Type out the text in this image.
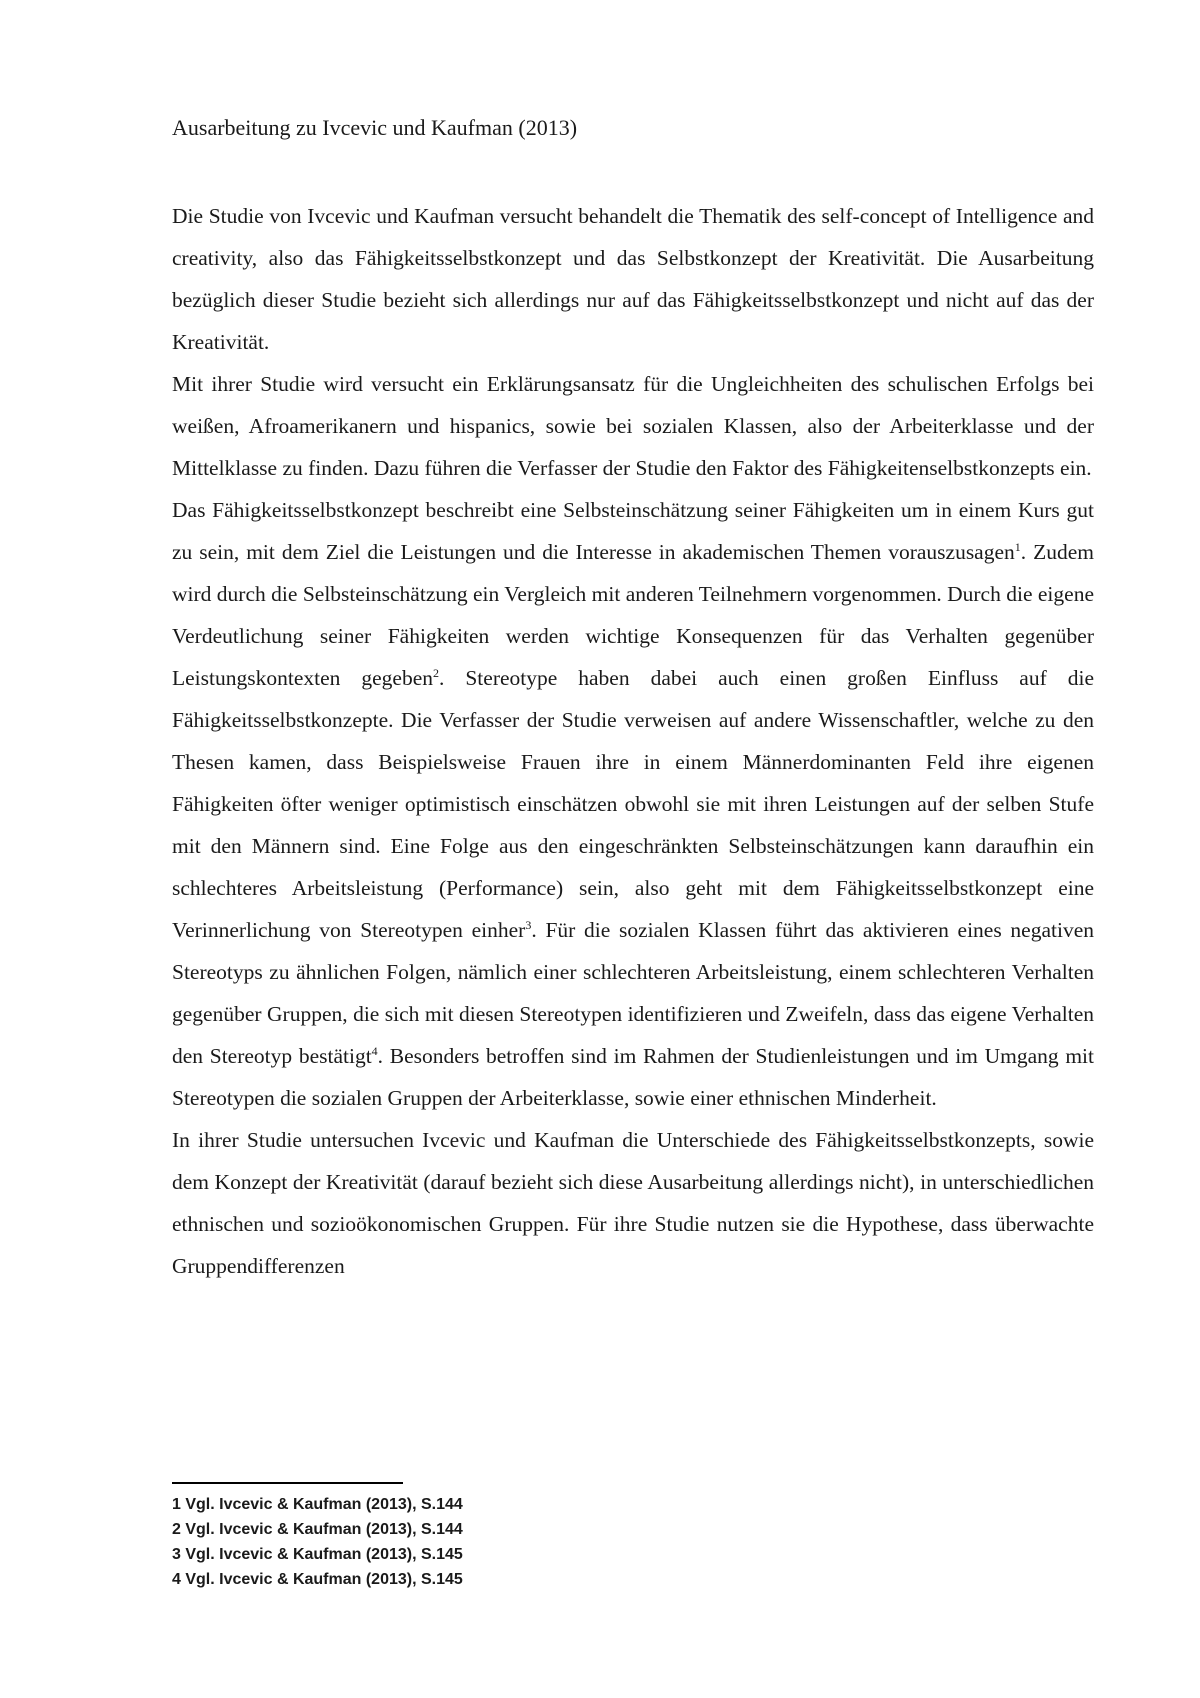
Ausarbeitung zu Ivcevic und Kaufman (2013)

Die Studie von Ivcevic und Kaufman versucht behandelt die Thematik des self-concept of Intelligence and creativity, also das Fähigkeitsselbstkonzept und das Selbstkonzept der Kreativität. Die Ausarbeitung bezüglich dieser Studie bezieht sich allerdings nur auf das Fähigkeitsselbstkonzept und nicht auf das der Kreativität.

Mit ihrer Studie wird versucht ein Erklärungsansatz für die Ungleichheiten des schulischen Erfolgs bei weißen, Afroamerikanern und hispanics, sowie bei sozialen Klassen, also der Arbeiterklasse und der Mittelklasse zu finden. Dazu führen die Verfasser der Studie den Faktor des Fähigkeitenselbstkonzepts ein.

Das Fähigkeitsselbstkonzept beschreibt eine Selbsteinschätzung seiner Fähigkeiten um in einem Kurs gut zu sein, mit dem Ziel die Leistungen und die Interesse in akademischen Themen vorauszusagen$^1$. Zudem wird durch die Selbsteinschätzung ein Vergleich mit anderen Teilnehmern vorgenommen. Durch die eigene Verdeutlichung seiner Fähigkeiten werden wichtige Konsequenzen für das Verhalten gegenüber Leistungskontexten gegeben$^2$. Stereotype haben dabei auch einen großen Einfluss auf die Fähigkeitsselbstkonzepte. Die Verfasser der Studie verweisen auf andere Wissenschaftler, welche zu den Thesen kamen, dass Beispielsweise Frauen ihre in einem Männerdominanten Feld ihre eigenen Fähigkeiten öfter weniger optimistisch einschätzen obwohl sie mit ihren Leistungen auf der selben Stufe mit den Männern sind. Eine Folge aus den eingeschränkten Selbsteinschätzungen kann daraufhin ein schlechteres Arbeitsleistung (Performance) sein, also geht mit dem Fähigkeitsselbstkonzept eine Verinnerlichung von Stereotypen einher$^3$. Für die sozialen Klassen führt das aktivieren eines negativen Stereotyps zu ähnlichen Folgen, nämlich einer schlechteren Arbeitsleistung, einem schlechteren Verhalten gegenüber Gruppen, die sich mit diesen Stereotypen identifizieren und Zweifeln, dass das eigene Verhalten den Stereotyp bestätigt$^4$. Besonders betroffen sind im Rahmen der Studienleistungen und im Umgang mit Stereotypen die sozialen Gruppen der Arbeiterklasse, sowie einer ethnischen Minderheit.

In ihrer Studie untersuchen Ivcevic und Kaufman die Unterschiede des Fähigkeitsselbstkonzepts, sowie dem Konzept der Kreativität (darauf bezieht sich diese Ausarbeitung allerdings nicht), in unterschiedlichen ethnischen und sozioökonomischen Gruppen. Für ihre Studie nutzen sie die Hypothese, dass überwachte Gruppendifferenzen

1 Vgl. Ivcevic & Kaufman (2013), S.144
2 Vgl. Ivcevic & Kaufman (2013), S.144
3 Vgl. Ivcevic & Kaufman (2013), S.145
4 Vgl. Ivcevic & Kaufman (2013), S.145
